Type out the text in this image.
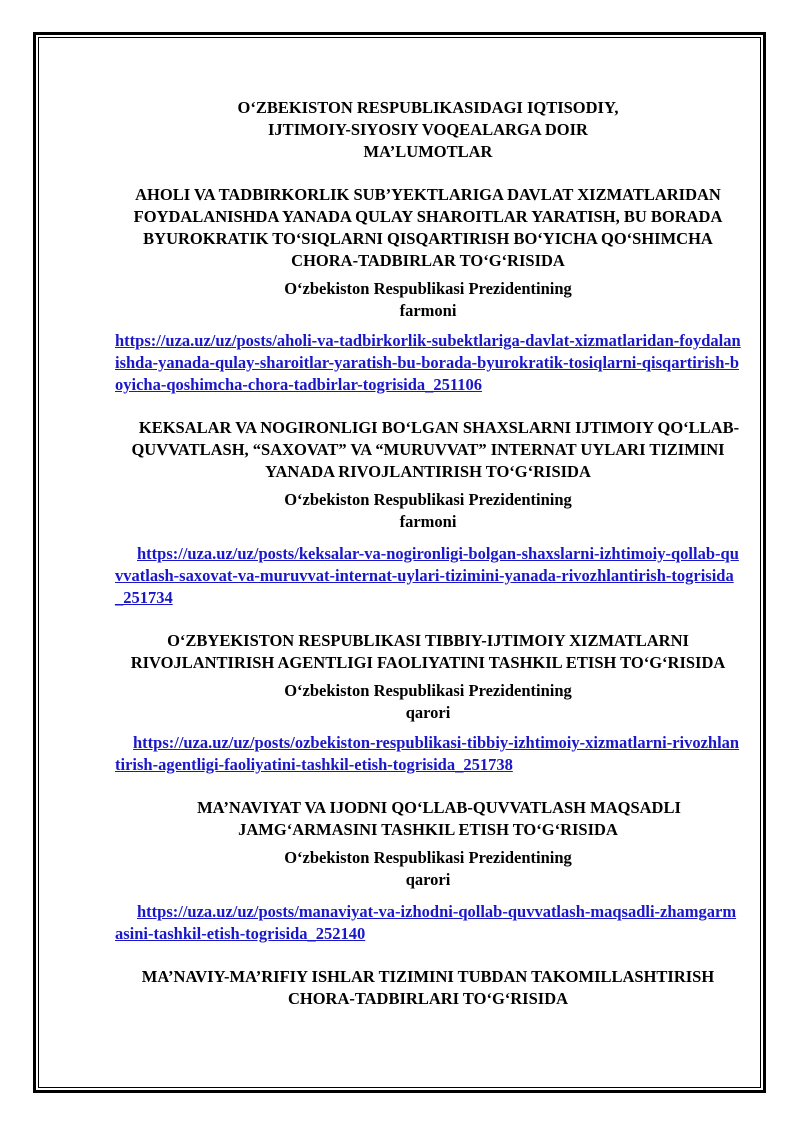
O‘ZBEKISTON RESPUBLIKASIDAGI IQTISODIY,

IJTIMOIY-SIYOSIY VOQEALARGA DOIR

MA’LUMOTLAR

AHOLI VA TADBIRKORLIK SUB’YEKTLARIGA DAVLAT XIZMATLARIDAN FOYDALANISHDA YANADA QULAY SHAROITLAR YARATISH, BU BORADA BYUROKRATIK TO‘SIQLARNI QISQARTIRISH BO‘YICHA QO‘SHIMCHA CHORA-TADBIRLAR TO‘G‘RISIDA

O‘zbekiston Respublikasi Prezidentining

farmoni

https://uza.uz/uz/posts/aholi-va-tadbirkorlik-subektlariga-davlat-xizmatlaridan-foydalanishda-yanada-qulay-sharoitlar-yaratish-bu-borada-byurokratik-tosiqlarni-qisqartirish-boyicha-qoshimcha-chora-tadbirlar-togrisida_251106

KEKSALAR VA NOGIRONLIGI BO‘LGAN SHAXSLARNI IJTIMOIY QO‘LLAB-QUVVATLASH, “SAXOVAT” VA “MURUVVAT” INTERNAT UYLARI TIZIMINI YANADA RIVOJLANTIRISH TO‘G‘RISIDA

O‘zbekiston Respublikasi Prezidentining

farmoni

https://uza.uz/uz/posts/keksalar-va-nogironligi-bolgan-shaxslarni-izhtimoiy-qollab-quvvatlash-saxovat-va-muruvvat-internat-uylari-tizimini-yanada-rivozhlantirish-togrisida_251734

O‘ZBYEKISTON RESPUBLIKASI TIBBIY-IJTIMOIY XIZMATLARNI RIVOJLANTIRISH AGENTLIGI FAOLIYATINI TASHKIL ETISH TO‘G‘RISIDA

O‘zbekiston Respublikasi Prezidentining

qarori

https://uza.uz/uz/posts/ozbekiston-respublikasi-tibbiy-izhtimoiy-xizmatlarni-rivozhlantirish-agentligi-faoliyatini-tashkil-etish-togrisida_251738

MA’NAVIYAT VA IJODNI QO‘LLAB-QUVVATLASH MAQSADLI JAMG‘ARMASINI TASHKIL ETISH TO‘G‘RISIDA

O‘zbekiston Respublikasi Prezidentining

qarori

https://uza.uz/uz/posts/manaviyat-va-izhodni-qollab-quvvatlash-maqsadli-zhamgarmasini-tashkil-etish-togrisida_252140

MA’NAVIY-MA’RIFIY ISHLAR TIZIMINI TUBDAN TAKOMILLASHTIRISH CHORA-TADBIRLARI TO‘G‘RISIDA
